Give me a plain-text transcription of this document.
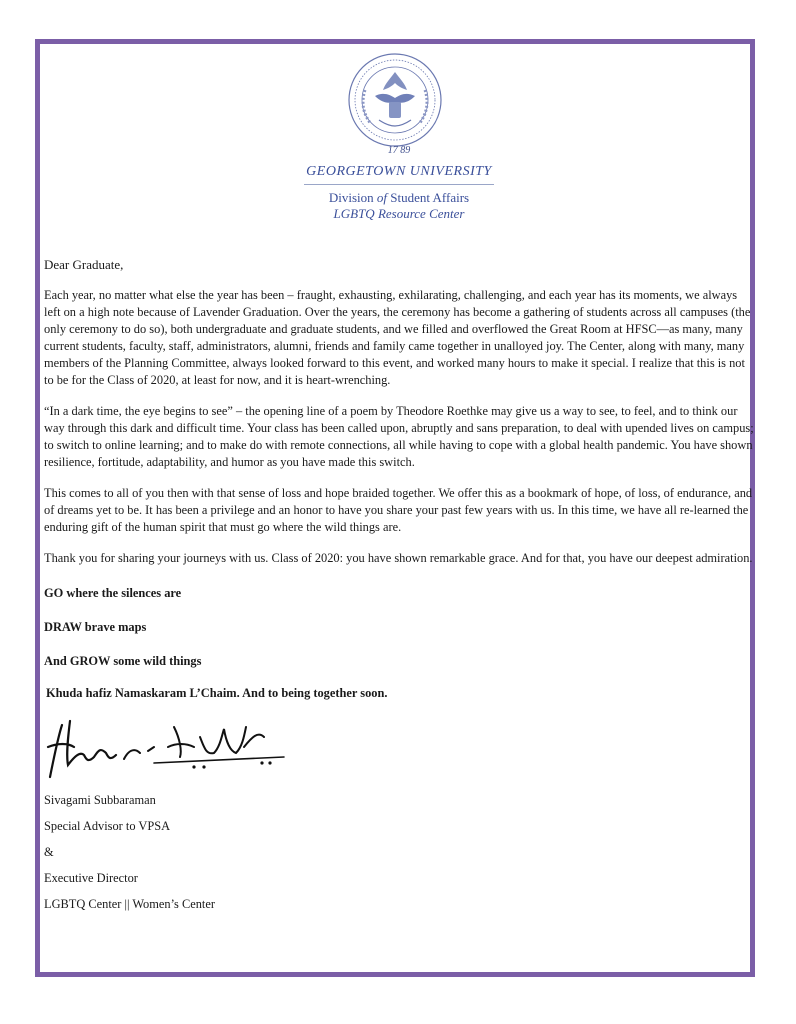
17 89
GEORGETOWN UNIVERSITY
Division of Student Affairs
LGBTQ Resource Center
Dear Graduate,
Each year, no matter what else the year has been – fraught, exhausting, exhilarating, challenging, and each year has its moments, we always left on a high note because of Lavender Graduation. Over the years, the ceremony has become a gathering of students across all campuses (the only ceremony to do so), both undergraduate and graduate students, and we filled and overflowed the Great Room at HFSC—as many, many current students, faculty, staff, administrators, alumni, friends and family came together in unalloyed joy. The Center, along with many, many members of the Planning Committee, always looked forward to this event, and worked many hours to make it special. I realize that this is not to be for the Class of 2020, at least for now, and it is heart-wrenching.
“In a dark time, the eye begins to see” – the opening line of a poem by Theodore Roethke may give us a way to see, to feel, and to think our way through this dark and difficult time. Your class has been called upon, abruptly and sans preparation, to deal with upended lives on campus; to switch to online learning; and to make do with remote connections, all while having to cope with a global health pandemic. You have shown resilience, fortitude, adaptability, and humor as you have made this switch.
This comes to all of you then with that sense of loss and hope braided together. We offer this as a bookmark of hope, of loss, of endurance, and of dreams yet to be. It has been a privilege and an honor to have you share your past few years with us. In this time, we have all re-learned the enduring gift of the human spirit that must go where the wild things are.
Thank you for sharing your journeys with us. Class of 2020: you have shown remarkable grace. And for that, you have our deepest admiration.
GO where the silences are
DRAW brave maps
And GROW some wild things
Khuda hafiz Namaskaram L’Chaim. And to being together soon.
Sivagami Subbaraman
Special Advisor to VPSA
&
Executive Director
LGBTQ Center || Women’s Center
